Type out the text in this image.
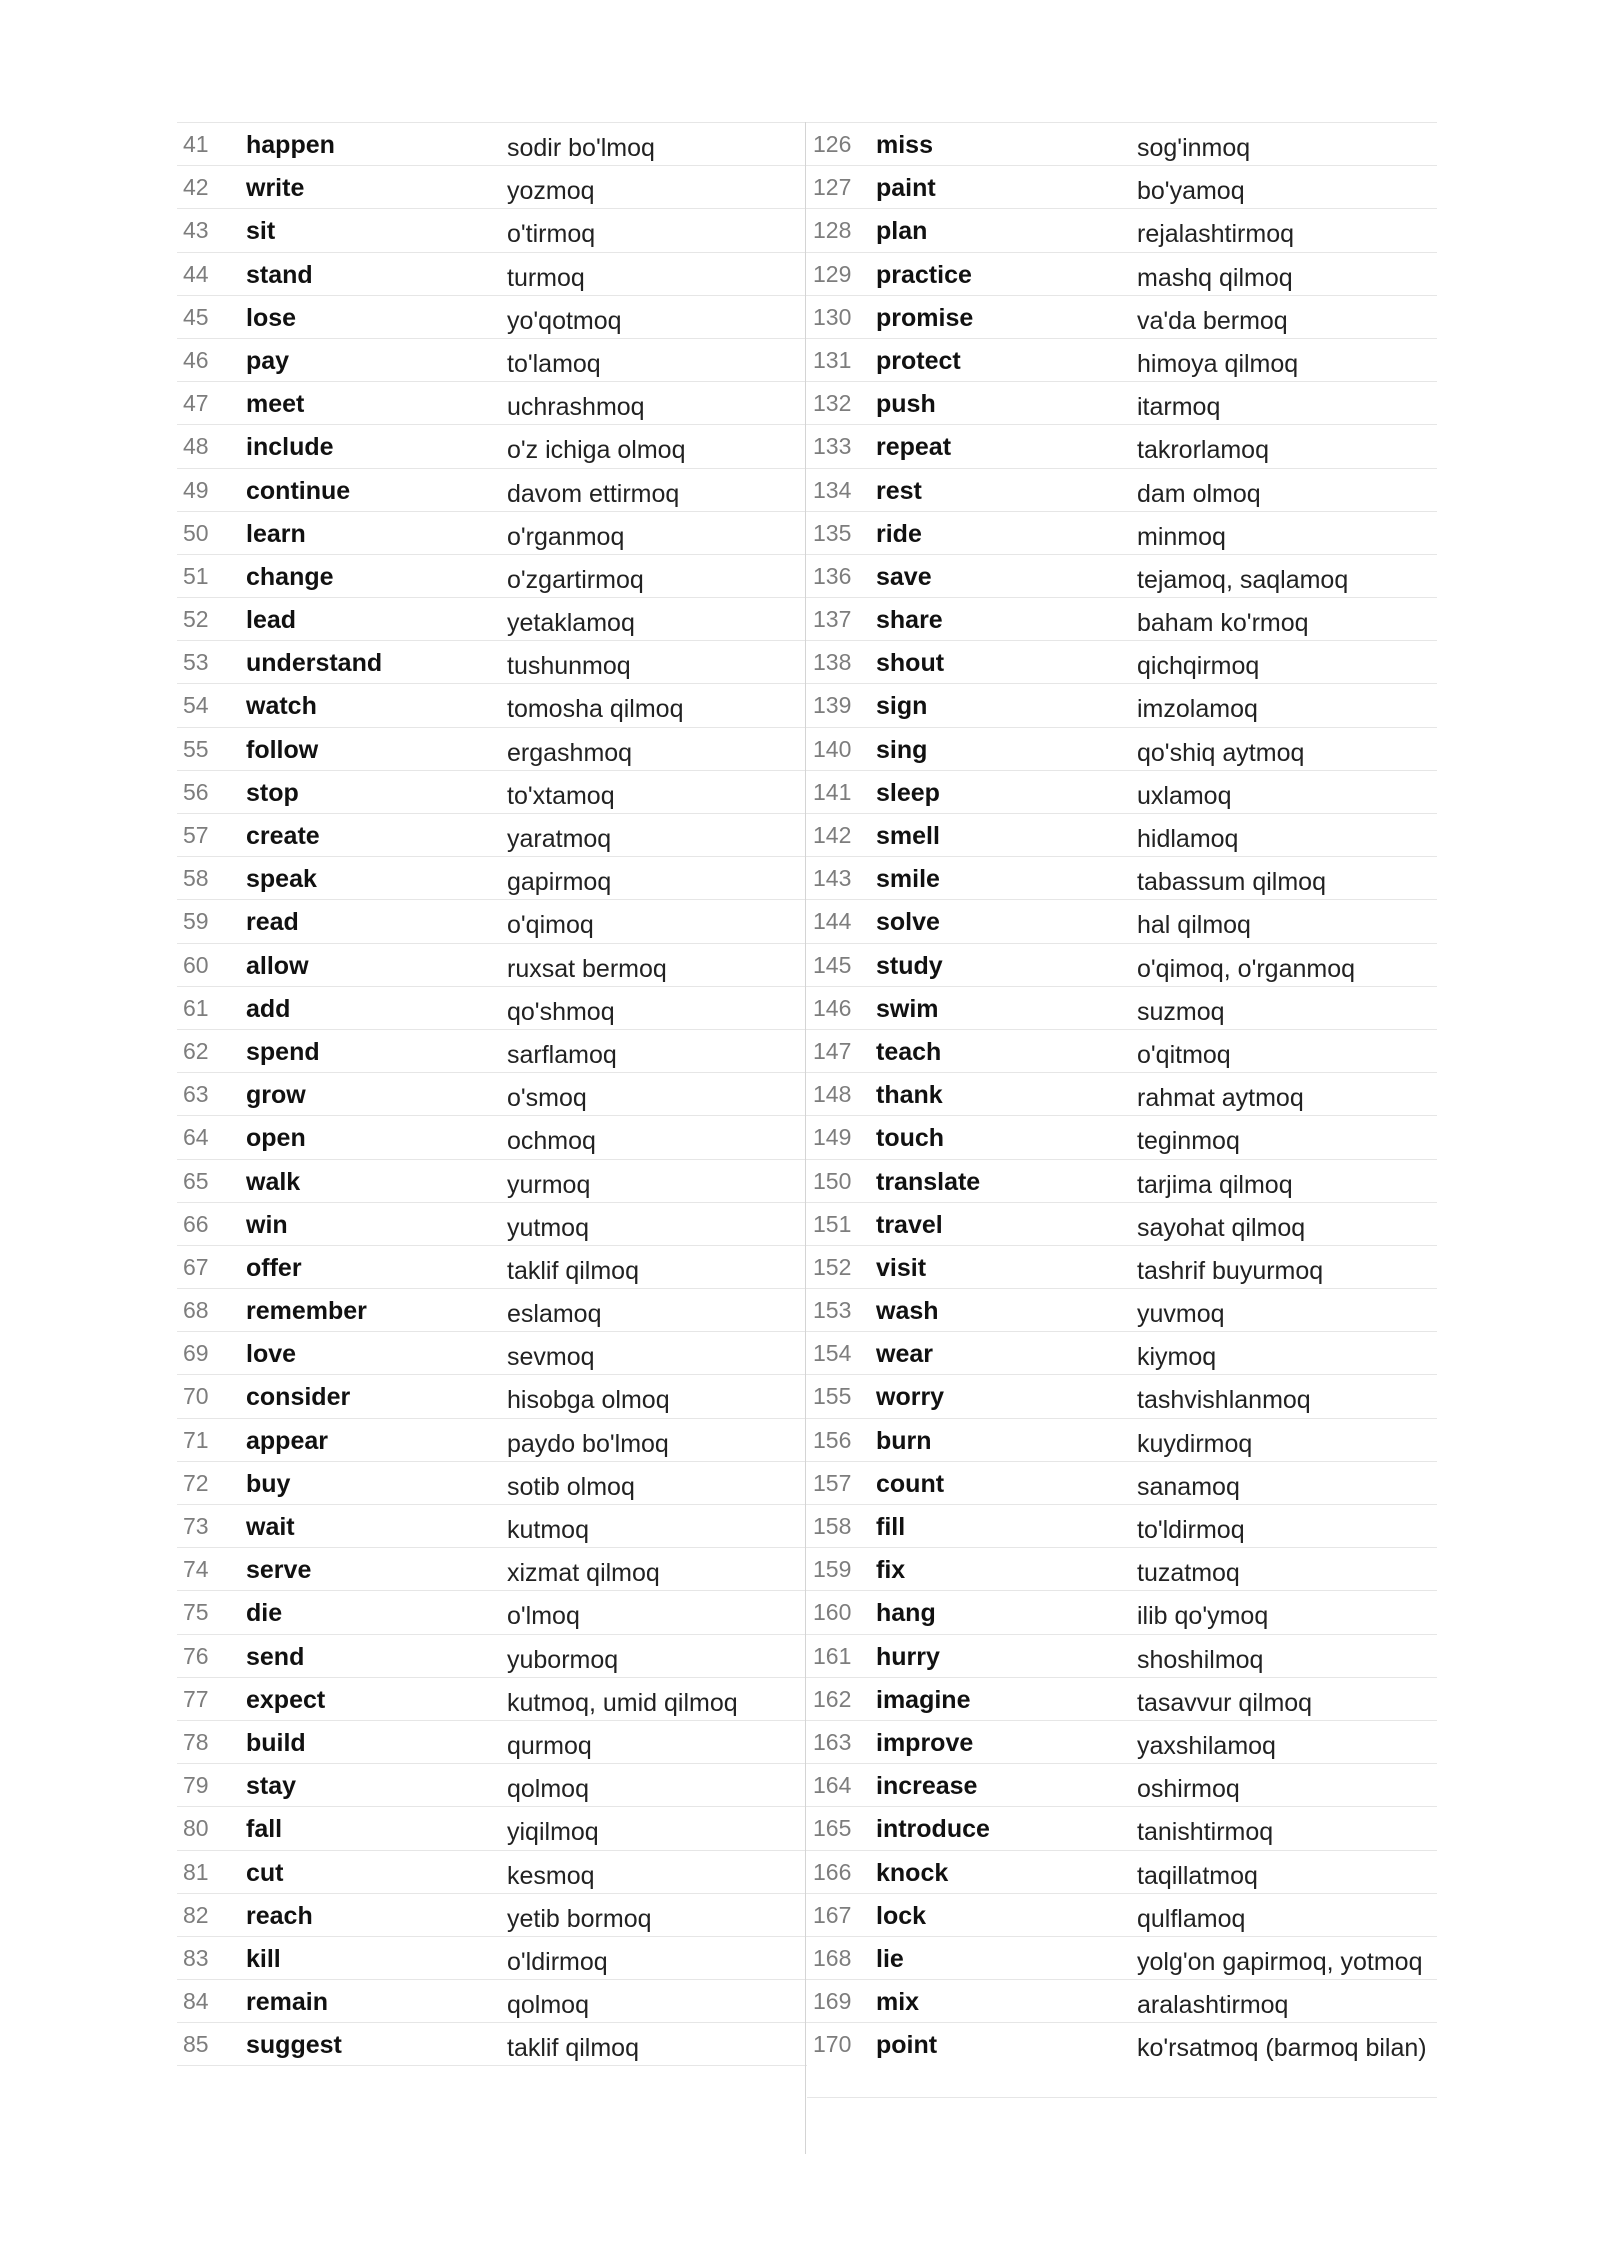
41	happen	sodir bo'lmoq
42	write	yozmoq
43	sit	o'tirmoq
44	stand	turmoq
45	lose	yo'qotmoq
46	pay	to'lamoq
47	meet	uchrashmoq
48	include	o'z ichiga olmoq
49	continue	davom ettirmoq
50	learn	o'rganmoq
51	change	o'zgartirmoq
52	lead	yetaklamoq
53	understand	tushunmoq
54	watch	tomosha qilmoq
55	follow	ergashmoq
56	stop	to'xtamoq
57	create	yaratmoq
58	speak	gapirmoq
59	read	o'qimoq
60	allow	ruxsat bermoq
61	add	qo'shmoq
62	spend	sarflamoq
63	grow	o'smoq
64	open	ochmoq
65	walk	yurmoq
66	win	yutmoq
67	offer	taklif qilmoq
68	remember	eslamoq
69	love	sevmoq
70	consider	hisobga olmoq
71	appear	paydo bo'lmoq
72	buy	sotib olmoq
73	wait	kutmoq
74	serve	xizmat qilmoq
75	die	o'lmoq
76	send	yubormoq
77	expect	kutmoq, umid qilmoq
78	build	qurmoq
79	stay	qolmoq
80	fall	yiqilmoq
81	cut	kesmoq
82	reach	yetib bormoq
83	kill	o'ldirmoq
84	remain	qolmoq
85	suggest	taklif qilmoq
126 miss	sog'inmoq
127 paint	bo'yamoq
128 plan	rejalashtirmoq
129 practice	mashq qilmoq
130 promise	va'da bermoq
131 protect	himoya qilmoq
132 push	itarmoq
133 repeat	takrorlamoq
134 rest	dam olmoq
135 ride	minmoq
136 save	tejamoq, saqlamoq
137 share	baham ko'rmoq
138 shout	qichqirmoq
139 sign	imzolamoq
140 sing	qo'shiq aytmoq
141 sleep	uxlamoq
142 smell	hidlamoq
143 smile	tabassum qilmoq
144 solve	hal qilmoq
145 study	o'qimoq, o'rganmoq
146 swim	suzmoq
147 teach	o'qitmoq
148 thank	rahmat aytmoq
149 touch	teginmoq
150 translate	tarjima qilmoq
151 travel	sayohat qilmoq
152 visit	tashrif buyurmoq
153 wash	yuvmoq
154 wear	kiymoq
155 worry	tashvishlanmoq
156 burn	kuydirmoq
157 count	sanamoq
158 fill	to'ldirmoq
159 fix	tuzatmoq
160 hang	ilib qo'ymoq
161 hurry	shoshilmoq
162 imagine	tasavvur qilmoq
163 improve	yaxshilamoq
164 increase	oshirmoq
165 introduce	tanishtirmoq
166 knock	taqillatmoq
167 lock	qulflamoq
168 lie	yolg'on gapirmoq, yotmoq
169 mix	aralashtirmoq
170 point	ko'rsatmoq (barmoq bilan)
